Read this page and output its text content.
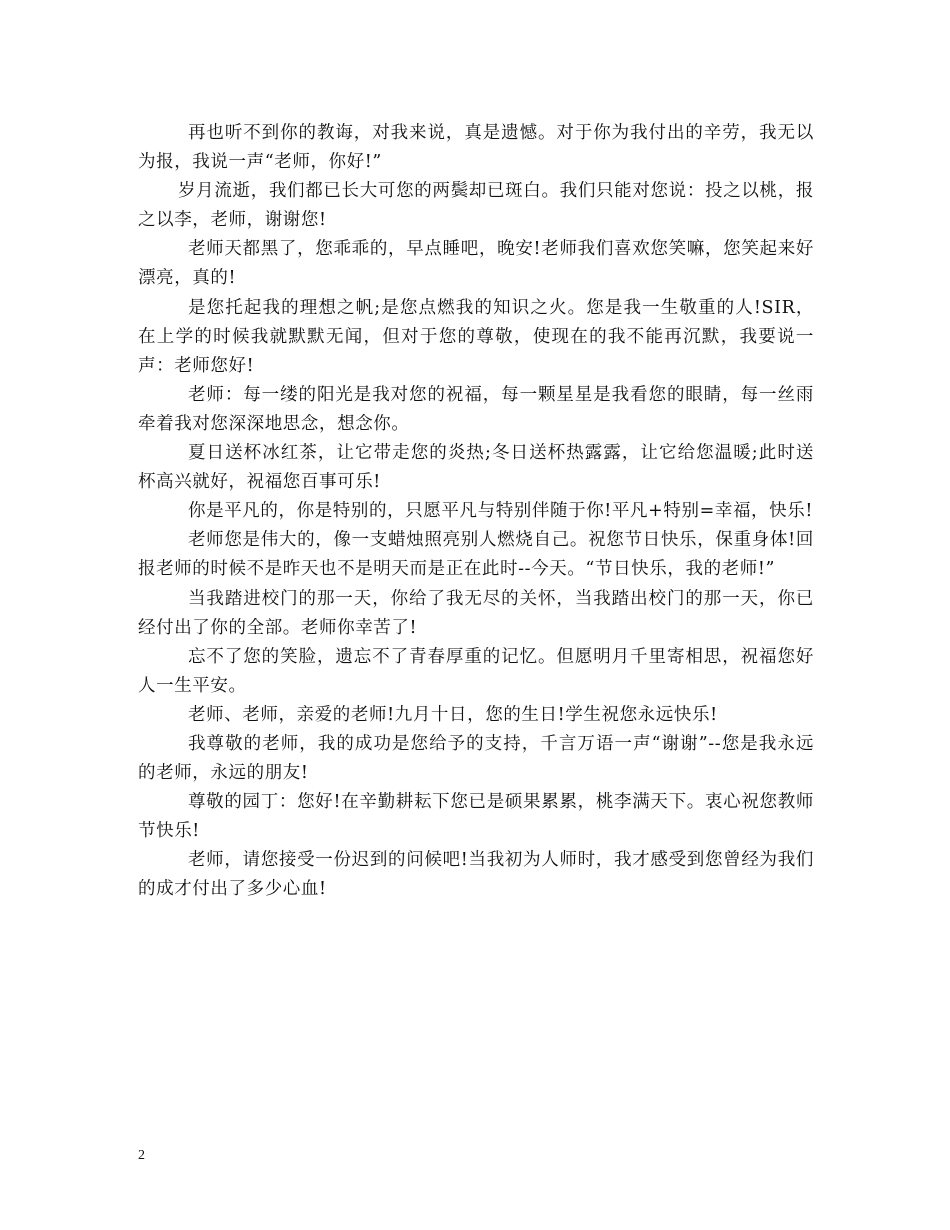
再也听不到你的教诲，对我来说，真是遗憾。对于你为我付出的辛劳，我无以为报，我说一声“老师，你好!”

岁月流逝，我们都已长大可您的两鬓却已斑白。我们只能对您说：投之以桃，报之以李，老师，谢谢您!

老师天都黑了，您乖乖的，早点睡吧，晚安!老师我们喜欢您笑嘛，您笑起来好漂亮，真的!

是您托起我的理想之帆;是您点燃我的知识之火。您是我一生敬重的人!SIR，在上学的时候我就默默无闻，但对于您的尊敬，使现在的我不能再沉默，我要说一声：老师您好!

老师：每一缕的阳光是我对您的祝福，每一颗星星是我看您的眼睛，每一丝雨牵着我对您深深地思念，想念你。

夏日送杯冰红茶，让它带走您的炎热;冬日送杯热露露，让它给您温暖;此时送杯高兴就好，祝福您百事可乐!

你是平凡的，你是特别的，只愿平凡与特别伴随于你!平凡+特别=幸福，快乐!

老师您是伟大的，像一支蜡烛照亮别人燃烧自己。祝您节日快乐，保重身体!回报老师的时候不是昨天也不是明天而是正在此时--今天。“节日快乐，我的老师!”

当我踏进校门的那一天，你给了我无尽的关怀，当我踏出校门的那一天，你已经付出了你的全部。老师你幸苦了!

忘不了您的笑脸，遗忘不了青春厚重的记忆。但愿明月千里寄相思，祝福您好人一生平安。

老师、老师，亲爱的老师!九月十日，您的生日!学生祝您永远快乐!

我尊敬的老师，我的成功是您给予的支持，千言万语一声“谢谢”--您是我永远的老师，永远的朋友!

尊敬的园丁：您好!在辛勤耕耘下您已是硕果累累，桃李满天下。衷心祝您教师节快乐!

老师，请您接受一份迟到的问候吧!当我初为人师时，我才感受到您曾经为我们的成才付出了多少心血!

2
